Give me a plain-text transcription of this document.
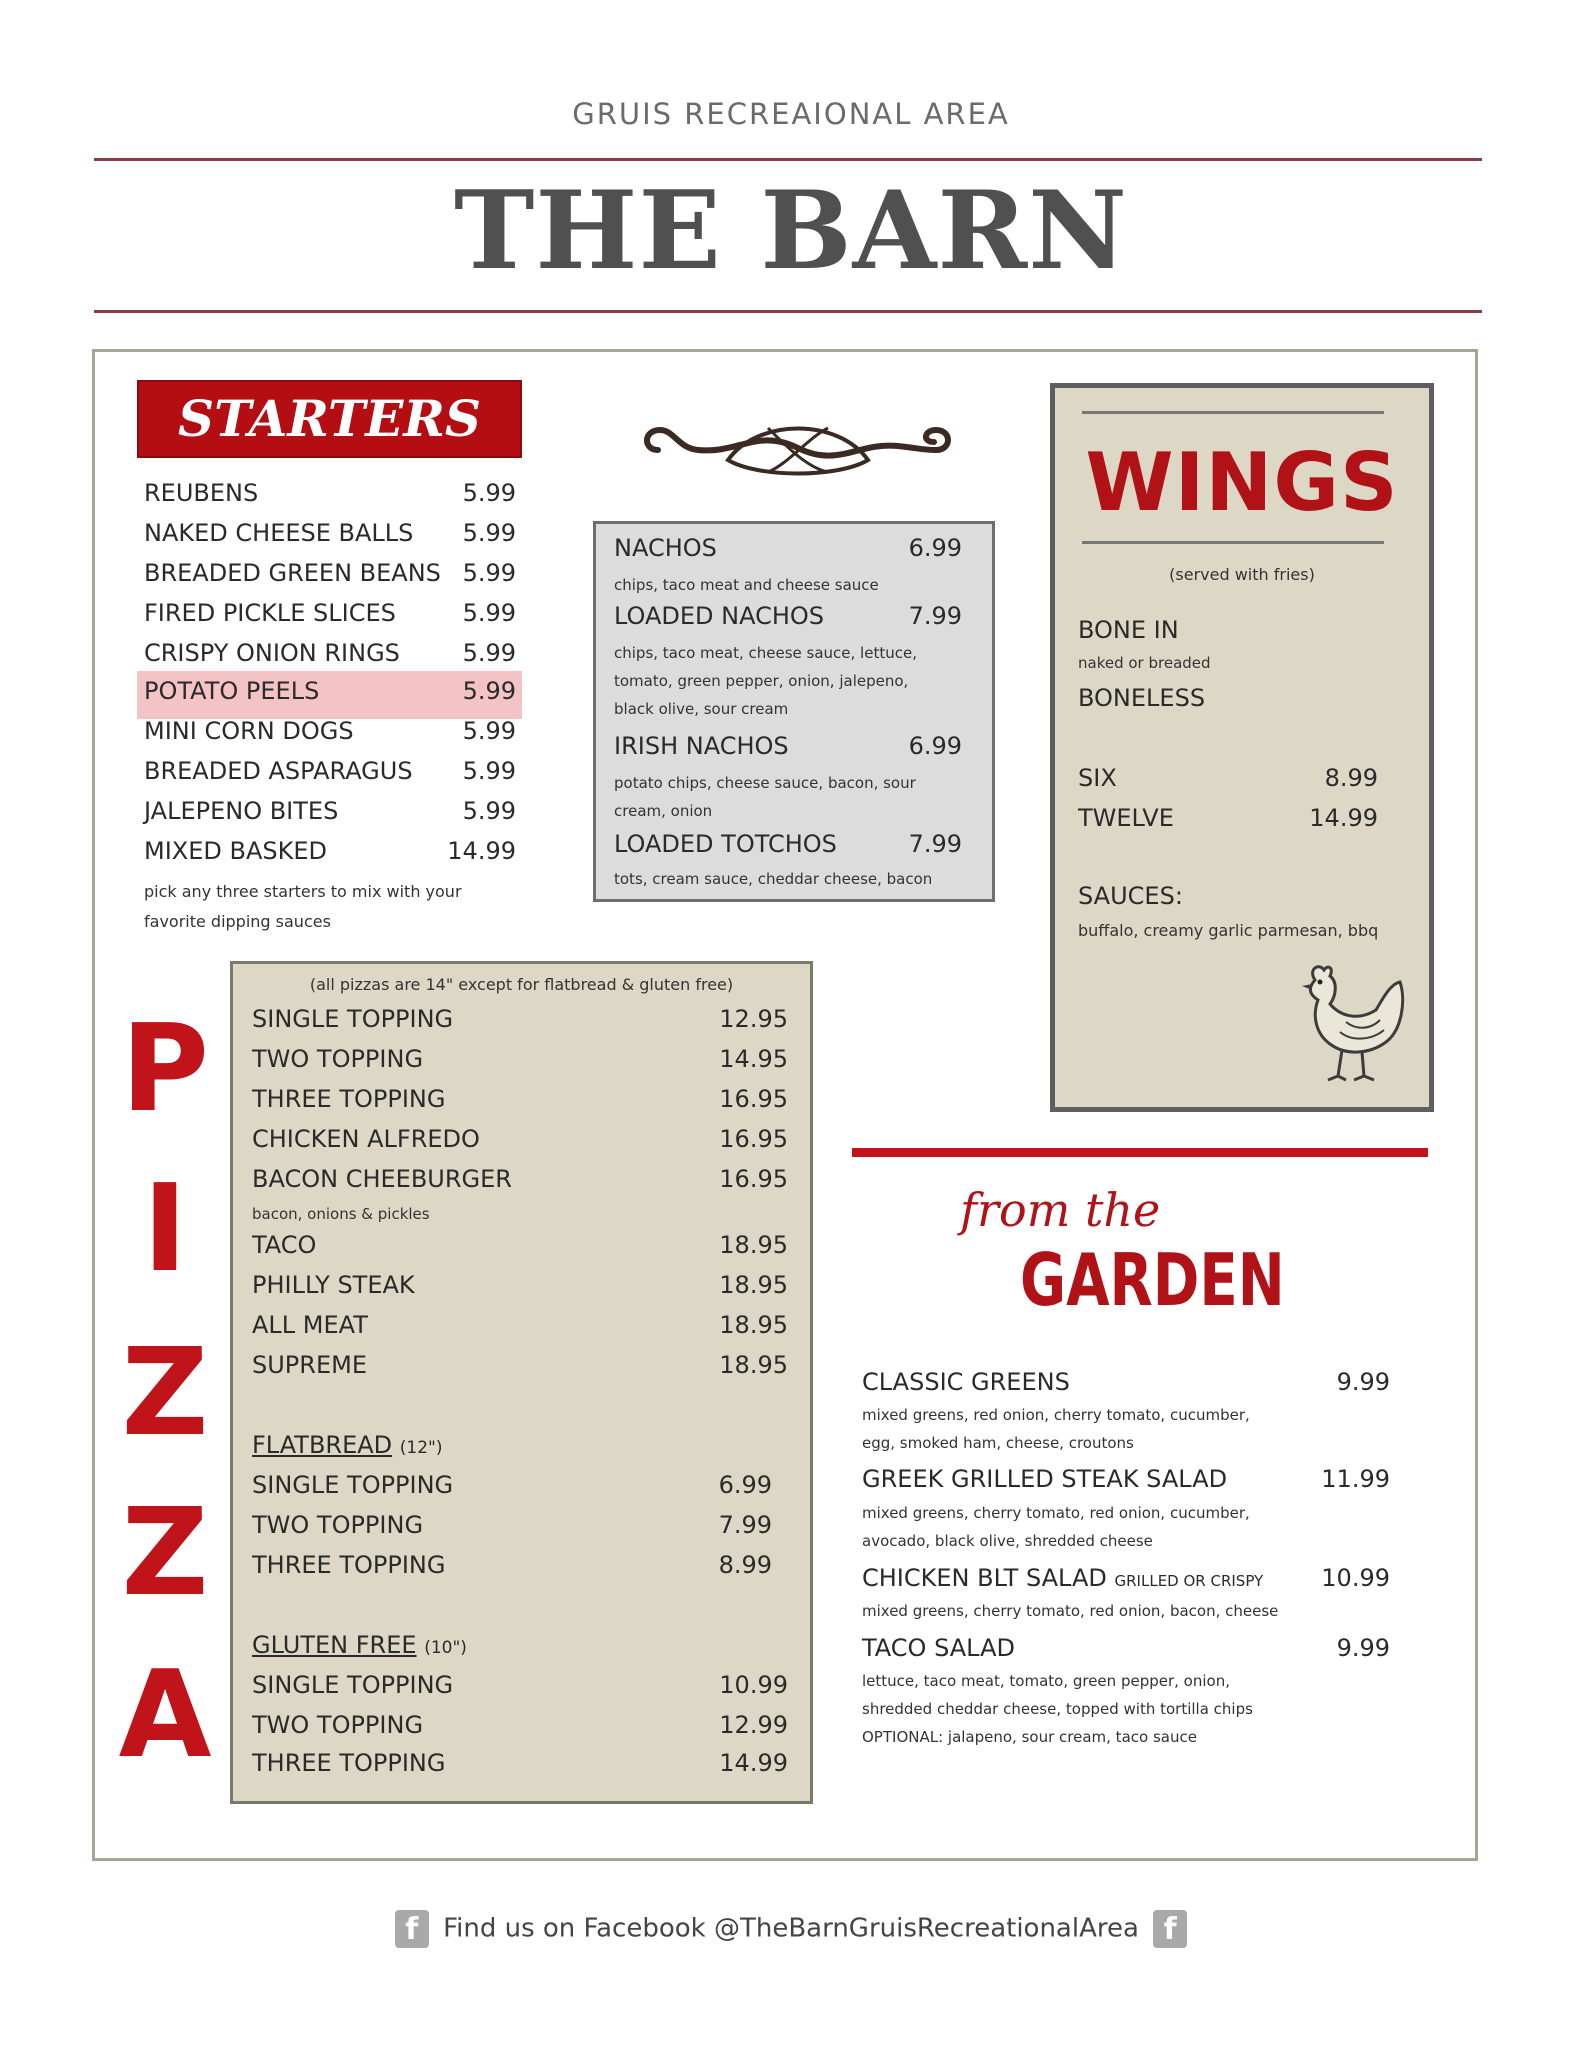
GRUIS RECREAIONAL AREA
THE BARN
STARTERS
REUBENS	5.99
NAKED CHEESE BALLS 5.99
BREADED GREEN BEANS 5.99
FIRED PICKLE SLICES	5.99
CRISPY ONION RINGS	5.99
POTATO PEELS	5.99
MINI CORN DOGS	5.99
BREADED ASPARAGUS 5.99
JALEPENO BITES	5.99
MIXED BASKED	14.99
pick any three starters to mix with your
favorite dipping sauces
NACHOS	6.99
chips, taco meat and cheese sauce
LOADED NACHOS	7.99
chips, taco meat, cheese sauce, lettuce,
tomato, green pepper, onion, jalepeno,
black olive, sour cream
IRISH NACHOS	6.99
potato chips, cheese sauce, bacon, sour
cream, onion
LOADED TOTCHOS	7.99
tots, cream sauce, cheddar cheese, bacon
WINGS
(served with fries)
BONE IN
naked or breaded
BONELESS
SIX	8.99
TWELVE	14.99
SAUCES:
buffalo, creamy garlic parmesan, bbq
P
I
Z
Z
A
(all pizzas are 14" except for flatbread & gluten free)
SINGLE TOPPING	12.95
TWO TOPPING	14.95
THREE TOPPING	16.95
CHICKEN ALFREDO	16.95
BACON CHEEBURGER	16.95
bacon, onions & pickles
TACO	18.95
PHILLY STEAK	18.95
ALL MEAT	18.95
SUPREME	18.95
FLATBREAD (12")
SINGLE TOPPING	6.99
TWO TOPPING	7.99
THREE TOPPING	8.99
GLUTEN FREE (10")
SINGLE TOPPING	10.99
TWO TOPPING	12.99
THREE TOPPING	14.99
from the
GARDEN
CLASSIC GREENS	9.99
mixed greens, red onion, cherry tomato, cucumber,
egg, smoked ham, cheese, croutons
GREEK GRILLED STEAK SALAD	11.99
mixed greens, cherry tomato, red onion, cucumber,
avocado, black olive, shredded cheese
CHICKEN BLT SALAD GRILLED OR CRISPY 10.99
mixed greens, cherry tomato, red onion, bacon, cheese
TACO SALAD	9.99
lettuce, taco meat, tomato, green pepper, onion,
shredded cheddar cheese, topped with tortilla chips
OPTIONAL: jalapeno, sour cream, taco sauce
f Find us on Facebook @TheBarnGruisRecreationalArea f
